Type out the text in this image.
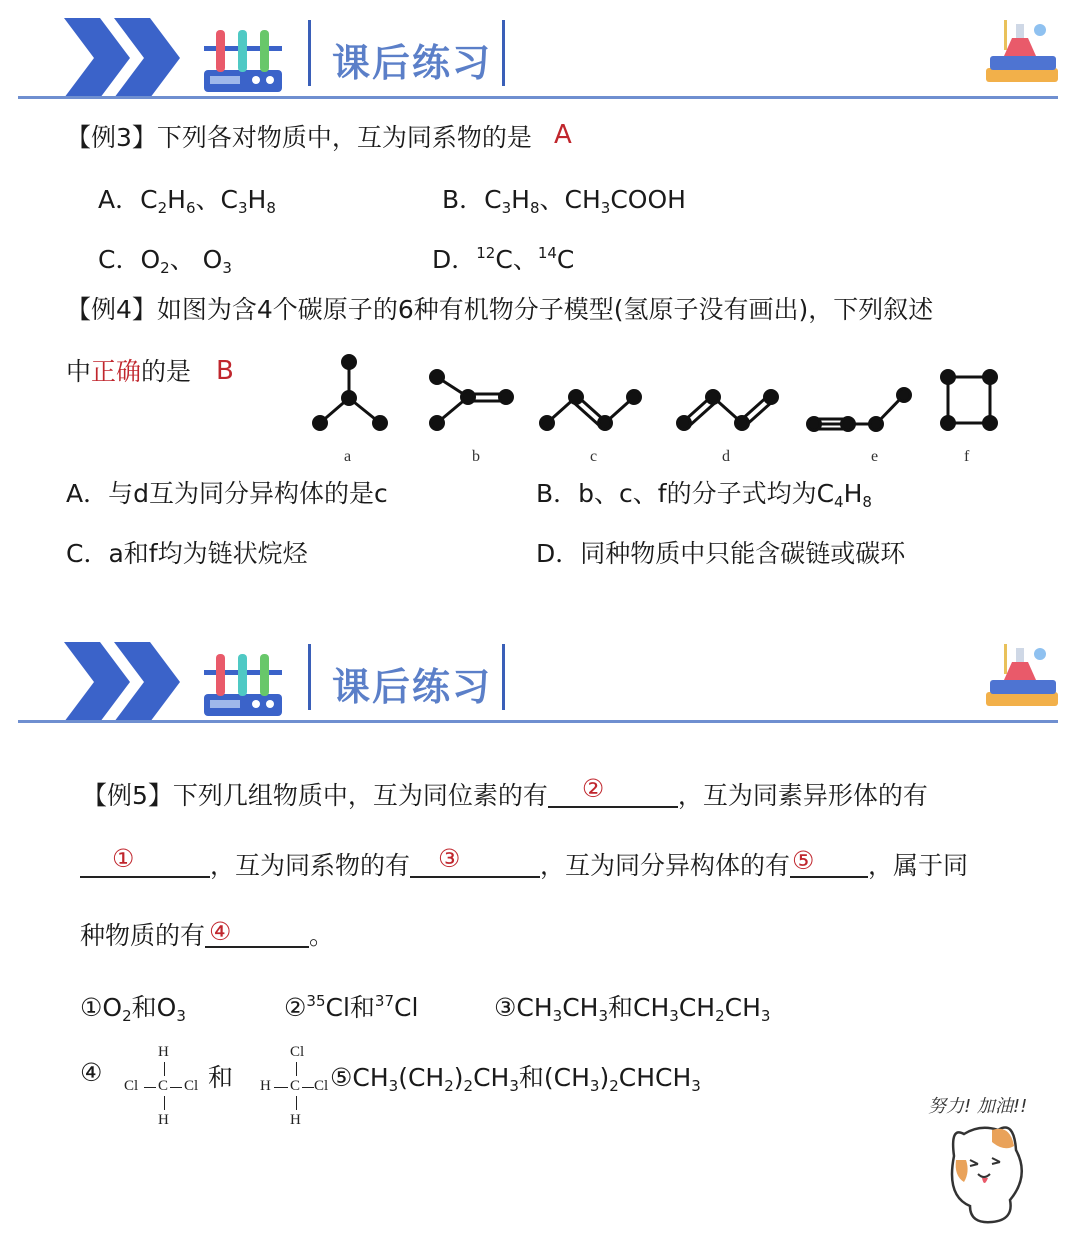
课后练习
【例3】下列各对物质中，互为同系物的是 A
A．$C_2H_6$、$C_3H_8$	B．$C_3H_8$、$CH_3COOH$
C．$O_2$、 $O_3$	D．$^{12}$C、$^{14}$C
【例4】如图为含4个碳原子的6种有机物分子模型(氢原子没有画出)，下列叙述
中正确的是 B
a	b	c	d	e	f
A．与d互为同分异构体的是c	B．b、c、f的分子式均为$C_4H_8$
C．a和f均为链状烷烃	D．同种物质中只能含碳链或碳环
课后练习
【例5】下列几组物质中，互为同位素的有 ②	，互为同素异形体的有
①	，互为同系物的有 ③	，互为同分异构体的有 ⑤ ，属于同
种物质的有 ④	。
$①O_2$和$O_3$	②$^{35}$Cl和$^{37}$Cl	$③CH_3CH_3$和$CH_3CH_2CH_3$
④
H
Cl C Cl
H
和
Cl
H C Cl
H
$⑤CH_3(CH_2)_2CH_3$和$(CH_3)_2CHCH_3$
努力! 加油!!
